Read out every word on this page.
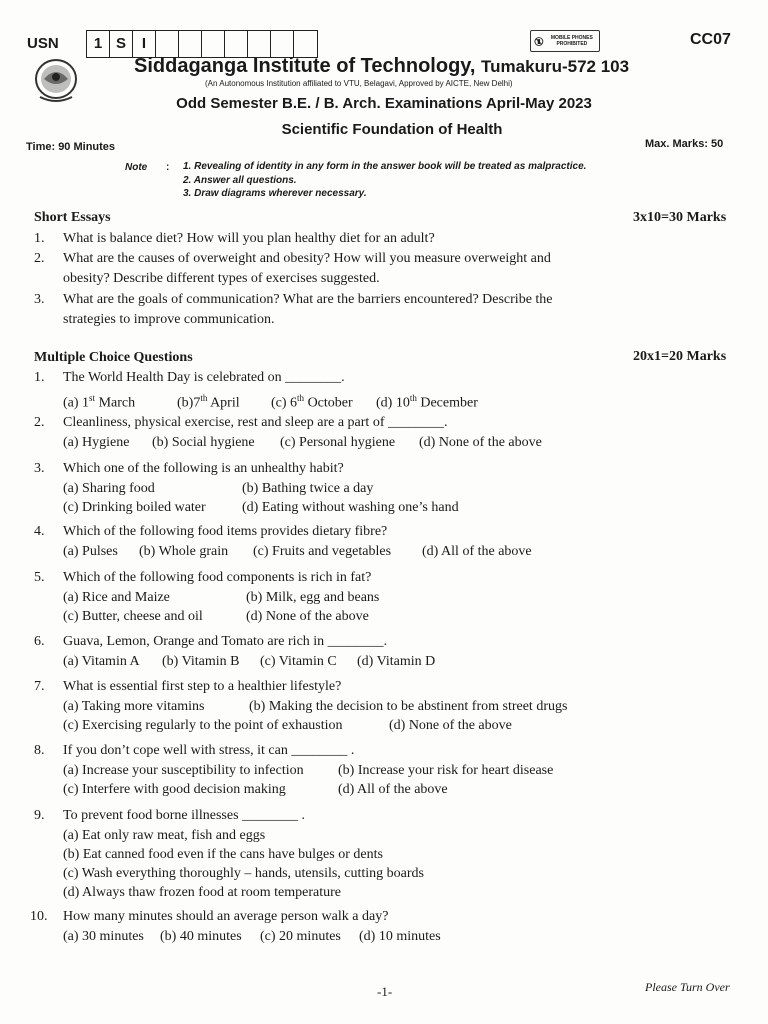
USN	1 S	I	MOBILE PHONES PROHIBITED	CC07
Siddaganga Institute of Technology, Tumakuru-572 103
(An Autonomous Institution affiliated to VTU, Belagavi, Approved by AICTE, New Delhi)
Odd Semester B.E. / B. Arch. Examinations April-May 2023
Scientific Foundation of Health
Time: 90 Minutes	Max. Marks: 50
Note : 1. Revealing of identity in any form in the answer book will be treated as malpractice.
2. Answer all questions.
3. Draw diagrams wherever necessary.
Short Essays	3x10=30 Marks
1. What is balance diet? How will you plan healthy diet for an adult?
2. What are the causes of overweight and obesity? How will you measure overweight and
obesity? Describe different types of exercises suggested.
3. What are the goals of communication? What are the barriers encountered? Describe the
strategies to improve communication.
Multiple Choice Questions	20x1=20 Marks
1. The World Health Day is celebrated on ________.
(a) 1st March	(b)7th April (c) 6th October (d) 10th December
2. Cleanliness, physical exercise, rest and sleep are a part of ________.
(a) Hygiene (b) Social hygiene (c) Personal hygiene (d) None of the above
3. Which one of the following is an unhealthy habit?
(a) Sharing food	(b) Bathing twice a day
(c) Drinking boiled water	(d) Eating without washing one’s hand
4. Which of the following food items provides dietary fibre?
(a) Pulses (b) Whole grain (c) Fruits and vegetables (d) All of the above
5. Which of the following food components is rich in fat?
(a) Rice and Maize	(b) Milk, egg and beans
(c) Butter, cheese and oil	(d) None of the above
6. Guava, Lemon, Orange and Tomato are rich in ________.
(a) Vitamin A (b) Vitamin B (c) Vitamin C (d) Vitamin D
7. What is essential first step to a healthier lifestyle?
(a) Taking more vitamins	(b) Making the decision to be abstinent from street drugs
(c) Exercising regularly to the point of exhaustion	(d) None of the above
8. If you don’t cope well with stress, it can ________ .
(a) Increase your susceptibility to infection (b) Increase your risk for heart disease
(c) Interfere with good decision making	(d) All of the above
9. To prevent food borne illnesses ________ .
(a) Eat only raw meat, fish and eggs
(b) Eat canned food even if the cans have bulges or dents
(c) Wash everything thoroughly – hands, utensils, cutting boards
(d) Always thaw frozen food at room temperature
10. How many minutes should an average person walk a day?
(a) 30 minutes (b) 40 minutes (c) 20 minutes (d) 10 minutes
-1-	Please Turn Over
